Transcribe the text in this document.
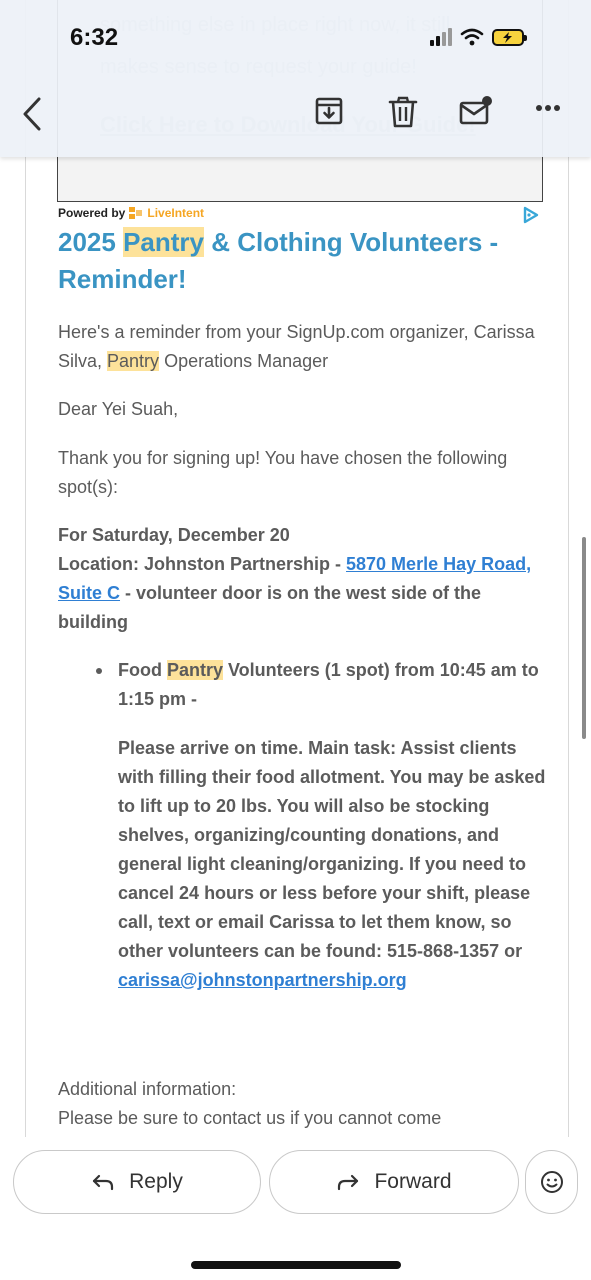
Powered by LiveIntent
2025 Pantry & Clothing Volunteers - Reminder!
Here's a reminder from your SignUp.com organizer, Carissa Silva, Pantry Operations Manager
Dear Yei Suah,
Thank you for signing up! You have chosen the following spot(s):
For Saturday, December 20
Location: Johnston Partnership - 5870 Merle Hay Road, Suite C - volunteer door is on the west side of the building
Food Pantry Volunteers (1 spot) from 10:45 am to 1:15 pm -
Please arrive on time. Main task: Assist clients with filling their food allotment. You may be asked to lift up to 20 lbs. You will also be stocking shelves, organizing/counting donations, and general light cleaning/organizing. If you need to cancel 24 hours or less before your shift, please call, text or email Carissa to let them know, so other volunteers can be found: 515-868-1357 or carissa@johnstonpartnership.org
Additional information:
Please be sure to contact us if you cannot come
6:32
Reply	Forward
